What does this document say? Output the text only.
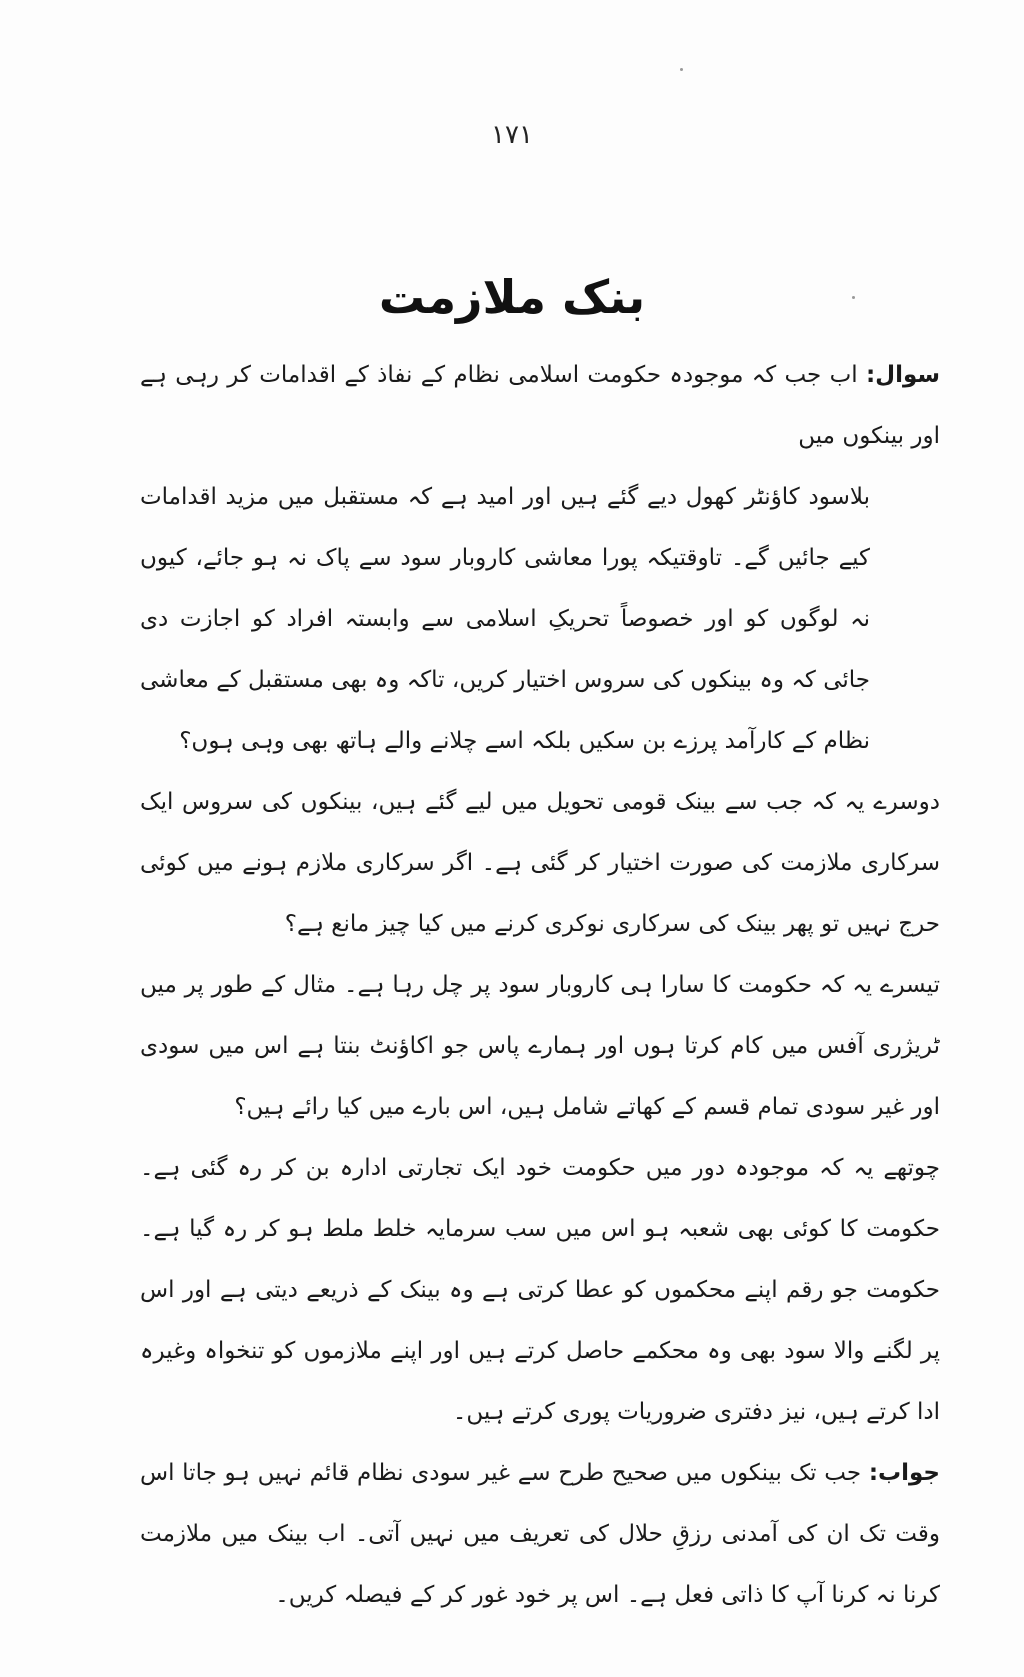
۱۷۱
بنک ملازمت
سوال: اب جب کہ موجودہ حکومت اسلامی نظام کے نفاذ کے اقدامات کر رہی ہے اور بینکوں میں
بلاسود کاؤنٹر کھول دیے گئے ہیں اور امید ہے کہ مستقبل میں مزید اقدامات کیے جائیں گے۔ تاوقتیکہ پورا معاشی کاروبار سود سے پاک نہ ہو جائے، کیوں نہ لوگوں کو اور خصوصاً تحریکِ اسلامی سے وابستہ افراد کو اجازت دی جائی کہ وہ بینکوں کی سروس اختیار کریں، تاکہ وہ بھی مستقبل کے معاشی نظام کے کارآمد پرزے بن سکیں بلکہ اسے چلانے والے ہاتھ بھی وہی ہوں؟
دوسرے یہ کہ جب سے بینک قومی تحویل میں لیے گئے ہیں، بینکوں کی سروس ایک سرکاری ملازمت کی صورت اختیار کر گئی ہے۔ اگر سرکاری ملازم ہونے میں کوئی حرج نہیں تو پھر بینک کی سرکاری نوکری کرنے میں کیا چیز مانع ہے؟
تیسرے یہ کہ حکومت کا سارا ہی کاروبار سود پر چل رہا ہے۔ مثال کے طور پر میں ٹریژری آفس میں کام کرتا ہوں اور ہمارے پاس جو اکاؤنٹ بنتا ہے اس میں سودی اور غیر سودی تمام قسم کے کھاتے شامل ہیں، اس بارے میں کیا رائے ہیں؟
چوتھے یہ کہ موجودہ دور میں حکومت خود ایک تجارتی ادارہ بن کر رہ گئی ہے۔ حکومت کا کوئی بھی شعبہ ہو اس میں سب سرمایہ خلط ملط ہو کر رہ گیا ہے۔ حکومت جو رقم اپنے محکموں کو عطا کرتی ہے وہ بینک کے ذریعے دیتی ہے اور اس پر لگنے والا سود بھی وہ محکمے حاصل کرتے ہیں اور اپنے ملازموں کو تنخواہ وغیرہ ادا کرتے ہیں، نیز دفتری ضروریات پوری کرتے ہیں۔
جواب: جب تک بینکوں میں صحیح طرح سے غیر سودی نظام قائم نہیں ہو جاتا اس وقت تک ان کی آمدنی رزقِ حلال کی تعریف میں نہیں آتی۔ اب بینک میں ملازمت کرنا نہ کرنا آپ کا ذاتی فعل ہے۔ اس پر خود غور کر کے فیصلہ کریں۔
